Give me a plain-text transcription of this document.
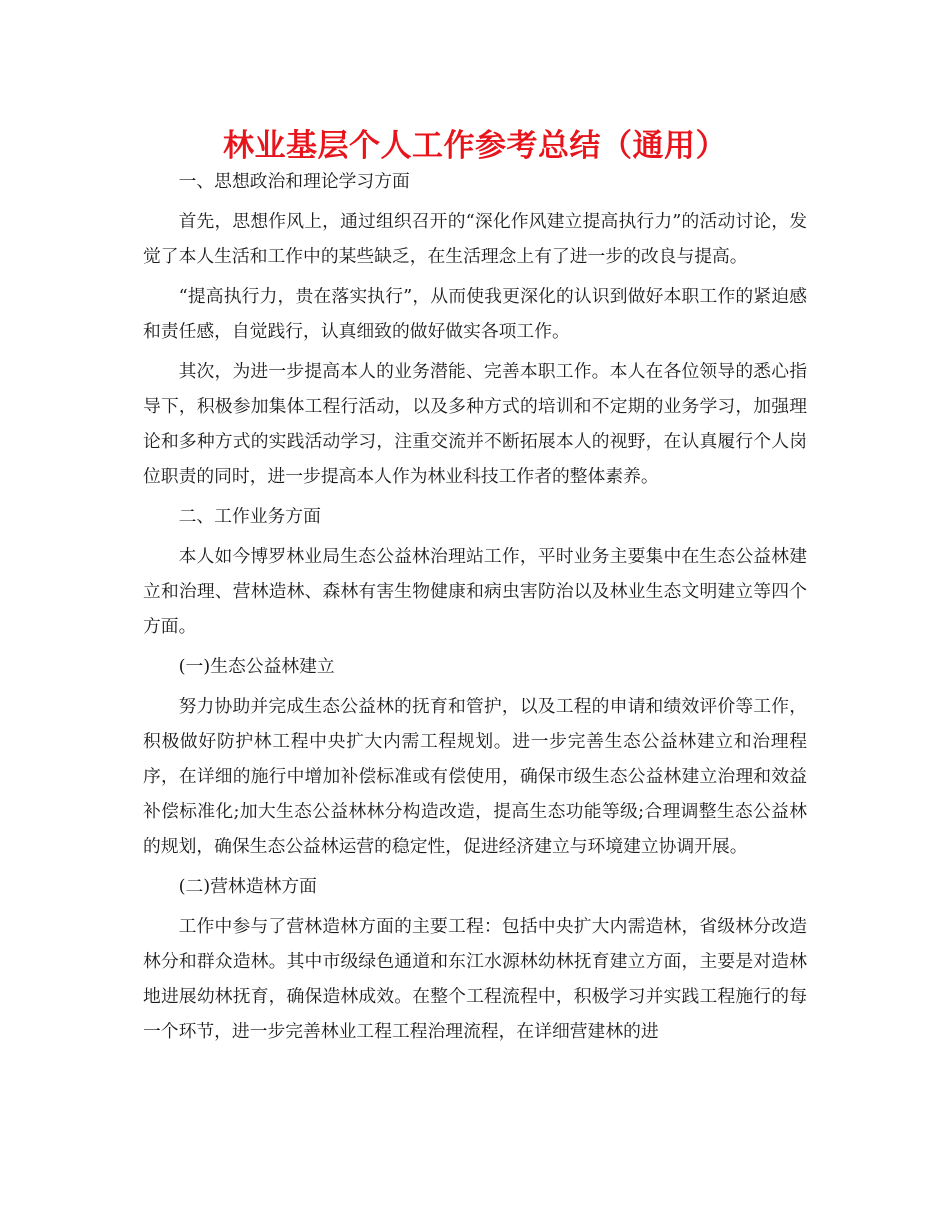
林业基层个人工作参考总结（通用）

一、思想政治和理论学习方面

首先，思想作风上，通过组织召开的“深化作风建立提高执行力”的活动讨论，发觉了本人生活和工作中的某些缺乏，在生活理念上有了进一步的改良与提高。

“提高执行力，贵在落实执行”，从而使我更深化的认识到做好本职工作的紧迫感和责任感，自觉践行，认真细致的做好做实各项工作。

其次，为进一步提高本人的业务潜能、完善本职工作。本人在各位领导的悉心指导下，积极参加集体工程行活动，以及多种方式的培训和不定期的业务学习，加强理论和多种方式的实践活动学习，注重交流并不断拓展本人的视野，在认真履行个人岗位职责的同时，进一步提高本人作为林业科技工作者的整体素养。

二、工作业务方面

本人如今博罗林业局生态公益林治理站工作，平时业务主要集中在生态公益林建立和治理、营林造林、森林有害生物健康和病虫害防治以及林业生态文明建立等四个方面。

(一)生态公益林建立

努力协助并完成生态公益林的抚育和管护，以及工程的申请和绩效评价等工作，积极做好防护林工程中央扩大内需工程规划。进一步完善生态公益林建立和治理程序，在详细的施行中增加补偿标准或有偿使用，确保市级生态公益林建立治理和效益补偿标准化;加大生态公益林林分构造改造，提高生态功能等级;合理调整生态公益林的规划，确保生态公益林运营的稳定性，促进经济建立与环境建立协调开展。

(二)营林造林方面

工作中参与了营林造林方面的主要工程：包括中央扩大内需造林，省级林分改造林分和群众造林。其中市级绿色通道和东江水源林幼林抚育建立方面，主要是对造林地进展幼林抚育，确保造林成效。在整个工程流程中，积极学习并实践工程施行的每一个环节，进一步完善林业工程工程治理流程，在详细营建林的进
